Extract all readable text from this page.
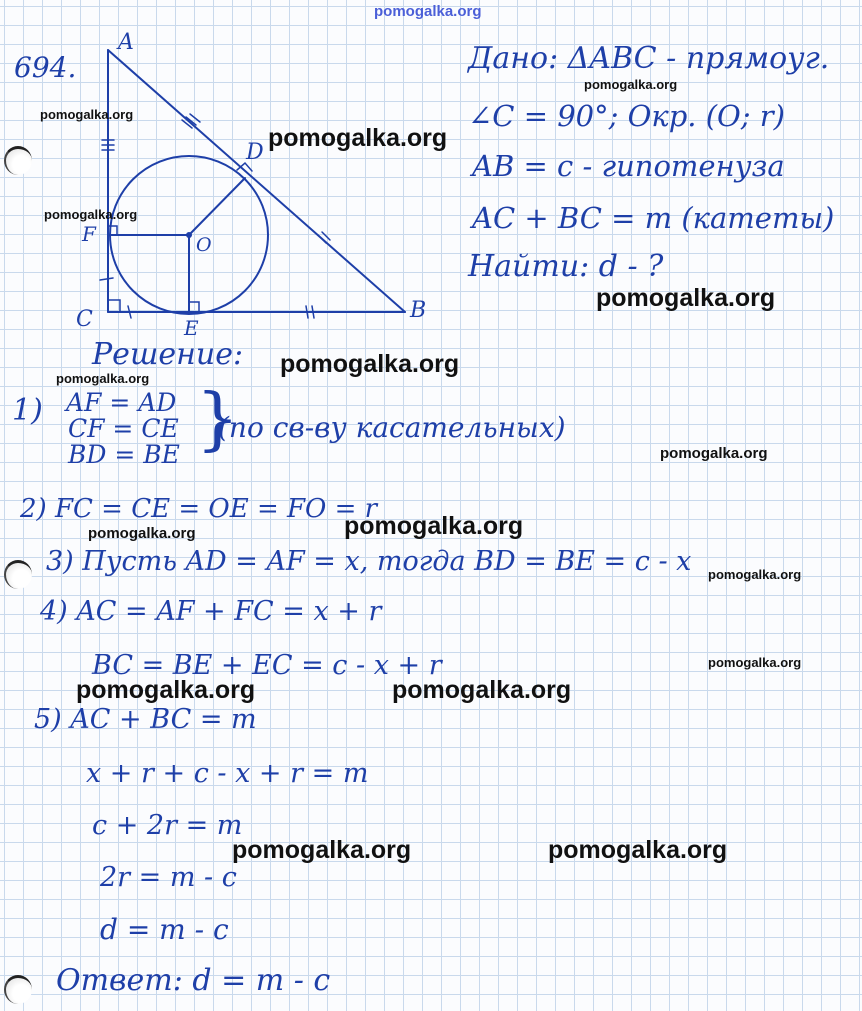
A
B
C
D
E
F	O
694.	Дано: ΔABC - прямоуг.
∠C = 90°; Окр. (O; r)
AB = c - гипотенуза
AC + BC = m (катеты)
Найти: d - ?
Решение:
1) AF = AD
CF = CE
BD = BE }
(по св-ву касательных)
2) FC = CE = OE = FO = r
3) Пусть AD = AF = x, тогда BD = BE = c - x
4) AC = AF + FC = x + r
BC = BE + EC = c - x + r
5) AC + BC = m
x + r + c - x + r = m
c + 2r = m
2r = m - c
d = m - c
Ответ: d = m - c
pomogalka.org
pomogalka.org
pomogalka.org
pomogalka.org
pomogalka.org
pomogalka.org
pomogalka.org
pomogalka.org
pomogalka.org
pomogalka.org
pomogalka.org
pomogalka.org
pomogalka.org
pomogalka.org	pomogalka.org
pomogalka.org	pomogalka.org
